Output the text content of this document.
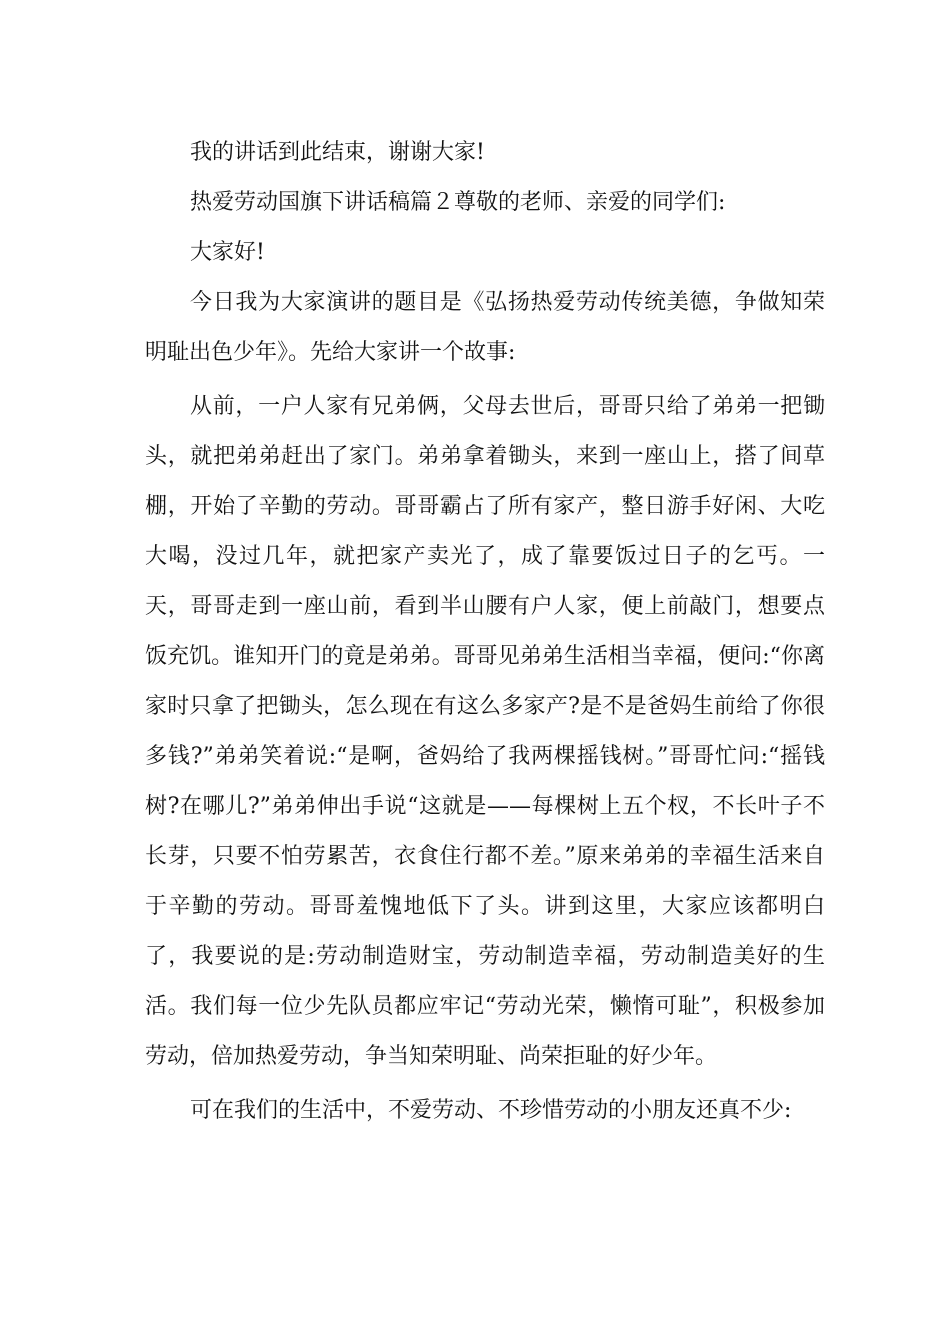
我的讲话到此结束，谢谢大家!

热爱劳动国旗下讲话稿篇２尊敬的老师、亲爱的同学们:

大家好!

今日我为大家演讲的题目是《弘扬热爱劳动传统美德，争做知荣明耻出色少年》。先给大家讲一个故事:

从前，一户人家有兄弟俩，父母去世后，哥哥只给了弟弟一把锄头，就把弟弟赶出了家门。弟弟拿着锄头，来到一座山上，搭了间草棚，开始了辛勤的劳动。哥哥霸占了所有家产，整日游手好闲、大吃大喝，没过几年，就把家产卖光了，成了靠要饭过日子的乞丐。一天，哥哥走到一座山前，看到半山腰有户人家，便上前敲门，想要点饭充饥。谁知开门的竟是弟弟。哥哥见弟弟生活相当幸福，便问:“你离家时只拿了把锄头，怎么现在有这么多家产?是不是爸妈生前给了你很多钱?”弟弟笑着说:“是啊，爸妈给了我两棵摇钱树。”哥哥忙问:“摇钱树?在哪儿?”弟弟伸出手说“这就是——每棵树上五个杈，不长叶子不长芽，只要不怕劳累苦，衣食住行都不差。”原来弟弟的幸福生活来自于辛勤的劳动。哥哥羞愧地低下了头。讲到这里，大家应该都明白了，我要说的是:劳动制造财宝，劳动制造幸福，劳动制造美好的生活。我们每一位少先队员都应牢记“劳动光荣，懒惰可耻”，积极参加劳动，倍加热爱劳动，争当知荣明耻、尚荣拒耻的好少年。

可在我们的生活中，不爱劳动、不珍惜劳动的小朋友还真不少:
